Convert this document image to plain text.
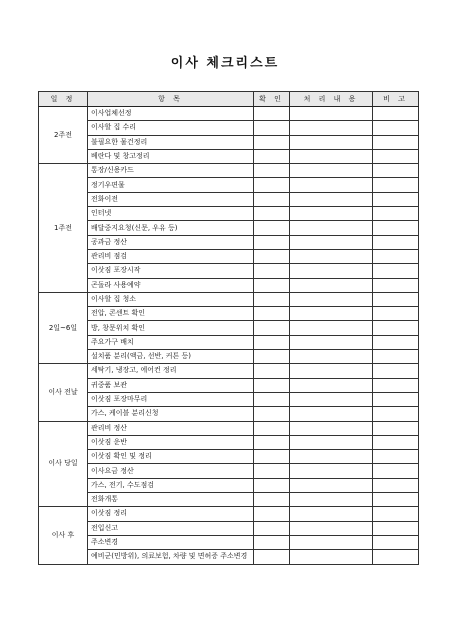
이사 체크리스트
일 정	항 목	확 인	처 리 내 용	비 고
2주전	이사업체선정			
	이사할 집 수리			
	불필요한 물건정리			
	베란다 및 창고정리			
1주전	통장/신용카드			
	정기우편물			
	전화이전			
	인터넷			
	배달중지요청(신문, 우유 등)			
	공과금 정산			
	관리비 점검			
	이삿짐 포장시작			
	곤돌라 사용예약			
2일~6일	이사할 집 청소			
	전압, 콘센트 확인			
	방, 창문위치 확인			
	주요가구 배치			
	설치품 분리(액금, 선반, 커튼 등)			
이사 전날	세탁기, 냉장고, 에어컨 정리			
	귀중품 보관			
	이삿짐 포장마무리			
	가스, 케이블 분리신청			
이사 당일	관리비 정산			
	이삿짐 운반			
	이삿짐 확인 및 정리			
	이사요금 정산			
	가스, 전기, 수도점검			
	전화개통			
이사 후	이삿짐 정리			
	전입신고			
	주소변경			
	예비군(민방위), 의료보험, 차량 및 면허증 주소변경			
